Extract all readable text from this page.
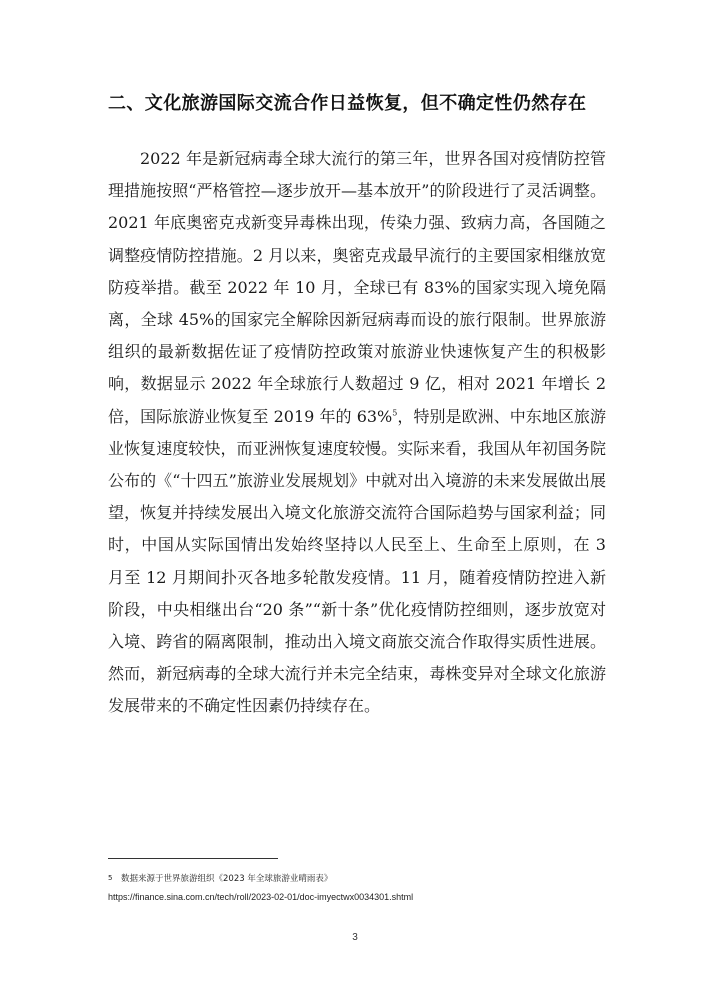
二、文化旅游国际交流合作日益恢复，但不确定性仍然存在

2022 年是新冠病毒全球大流行的第三年，世界各国对疫情防控管理措施按照“严格管控—逐步放开—基本放开”的阶段进行了灵活调整。2021 年底奥密克戎新变异毒株出现，传染力强、致病力高，各国随之调整疫情防控措施。2 月以来，奥密克戎最早流行的主要国家相继放宽防疫举措。截至 2022 年 10 月，全球已有 83%的国家实现入境免隔离，全球 45%的国家完全解除因新冠病毒而设的旅行限制。世界旅游组织的最新数据佐证了疫情防控政策对旅游业快速恢复产生的积极影响，数据显示 2022 年全球旅行人数超过 9 亿，相对 2021 年增长 2 倍，国际旅游业恢复至 2019 年的 63%$^5$，特别是欧洲、中东地区旅游业恢复速度较快，而亚洲恢复速度较慢。实际来看，我国从年初国务院公布的《“十四五”旅游业发展规划》中就对出入境游的未来发展做出展望，恢复并持续发展出入境文化旅游交流符合国际趋势与国家利益；同时，中国从实际国情出发始终坚持以人民至上、生命至上原则，在 3 月至 12 月期间扑灭各地多轮散发疫情。11 月，随着疫情防控进入新阶段，中央相继出台“20 条”“新十条”优化疫情防控细则，逐步放宽对入境、跨省的隔离限制，推动出入境文商旅交流合作取得实质性进展。然而，新冠病毒的全球大流行并未完全结束，毒株变异对全球文化旅游发展带来的不确定性因素仍持续存在。

5 数据来源于世界旅游组织《2023 年全球旅游业晴雨表》
https://finance.sina.com.cn/tech/roll/2023-02-01/doc-imyectwx0034301.shtml
3
